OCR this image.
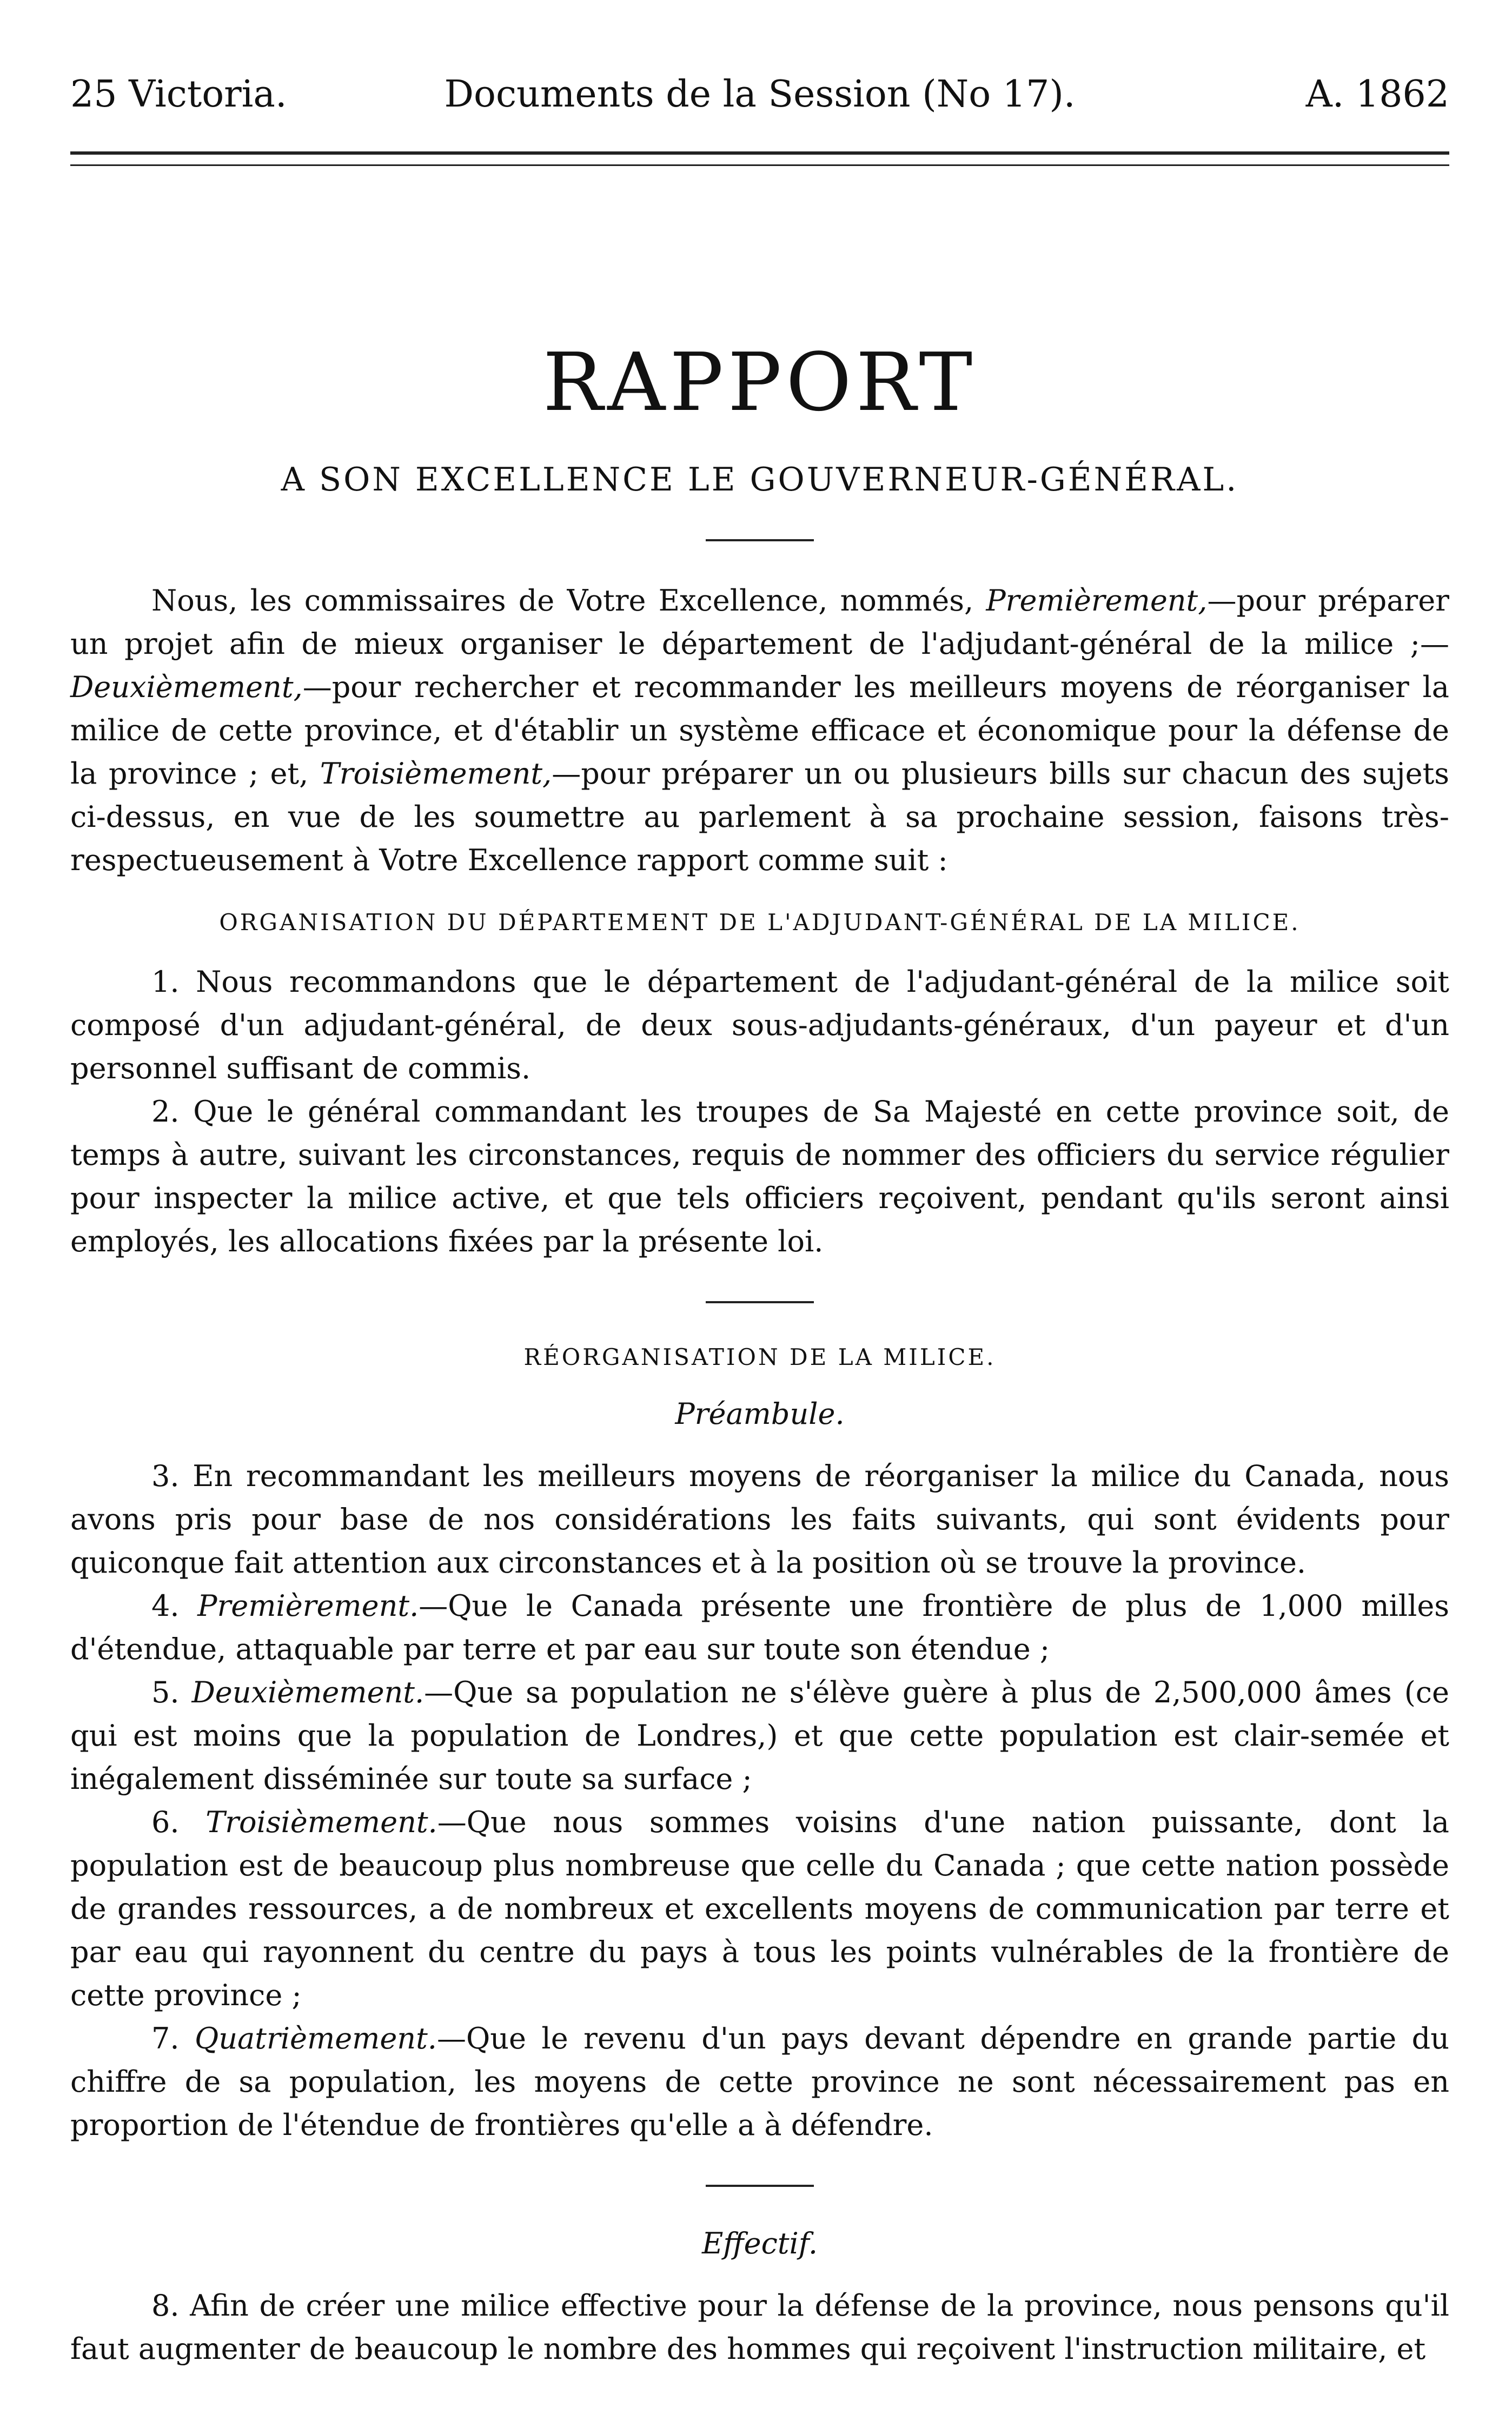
25 Victoria.	Documents de la Session (No 17).	A. 1862
RAPPORT
A SON EXCELLENCE LE GOUVERNEUR-GÉNÉRAL.

Nous, les commissaires de Votre Excellence, nommés, Premièrement,—pour préparer un projet afin de mieux organiser le département de l'adjudant-général de la milice ;—Deuxièmement,—pour rechercher et recommander les meilleurs moyens de réorganiser la milice de cette province, et d'établir un système efficace et économique pour la défense de la province ; et, Troisièmement,—pour préparer un ou plusieurs bills sur chacun des sujets ci-dessus, en vue de les soumettre au parlement à sa prochaine session, faisons très-respectueusement à Votre Excellence rapport comme suit :

ORGANISATION DU DÉPARTEMENT DE L'ADJUDANT-GÉNÉRAL DE LA MILICE.

1. Nous recommandons que le département de l'adjudant-général de la milice soit composé d'un adjudant-général, de deux sous-adjudants-généraux, d'un payeur et d'un personnel suffisant de commis.

2. Que le général commandant les troupes de Sa Majesté en cette province soit, de temps à autre, suivant les circonstances, requis de nommer des officiers du service régulier pour inspecter la milice active, et que tels officiers reçoivent, pendant qu'ils seront ainsi employés, les allocations fixées par la présente loi.

RÉORGANISATION DE LA MILICE.
Préambule.

3. En recommandant les meilleurs moyens de réorganiser la milice du Canada, nous avons pris pour base de nos considérations les faits suivants, qui sont évidents pour quiconque fait attention aux circonstances et à la position où se trouve la province.

4. Premièrement.—Que le Canada présente une frontière de plus de 1,000 milles d'étendue, attaquable par terre et par eau sur toute son étendue ;

5. Deuxièmement.—Que sa population ne s'élève guère à plus de 2,500,000 âmes (ce qui est moins que la population de Londres,) et que cette population est clair-semée et inégalement disséminée sur toute sa surface ;

6. Troisièmement.—Que nous sommes voisins d'une nation puissante, dont la population est de beaucoup plus nombreuse que celle du Canada ; que cette nation possède de grandes ressources, a de nombreux et excellents moyens de communication par terre et par eau qui rayonnent du centre du pays à tous les points vulnérables de la frontière de cette province ;

7. Quatrièmement.—Que le revenu d'un pays devant dépendre en grande partie du chiffre de sa population, les moyens de cette province ne sont nécessairement pas en proportion de l'étendue de frontières qu'elle a à défendre.

Effectif.

8. Afin de créer une milice effective pour la défense de la province, nous pensons qu'il faut augmenter de beaucoup le nombre des hommes qui reçoivent l'instruction militaire, et
